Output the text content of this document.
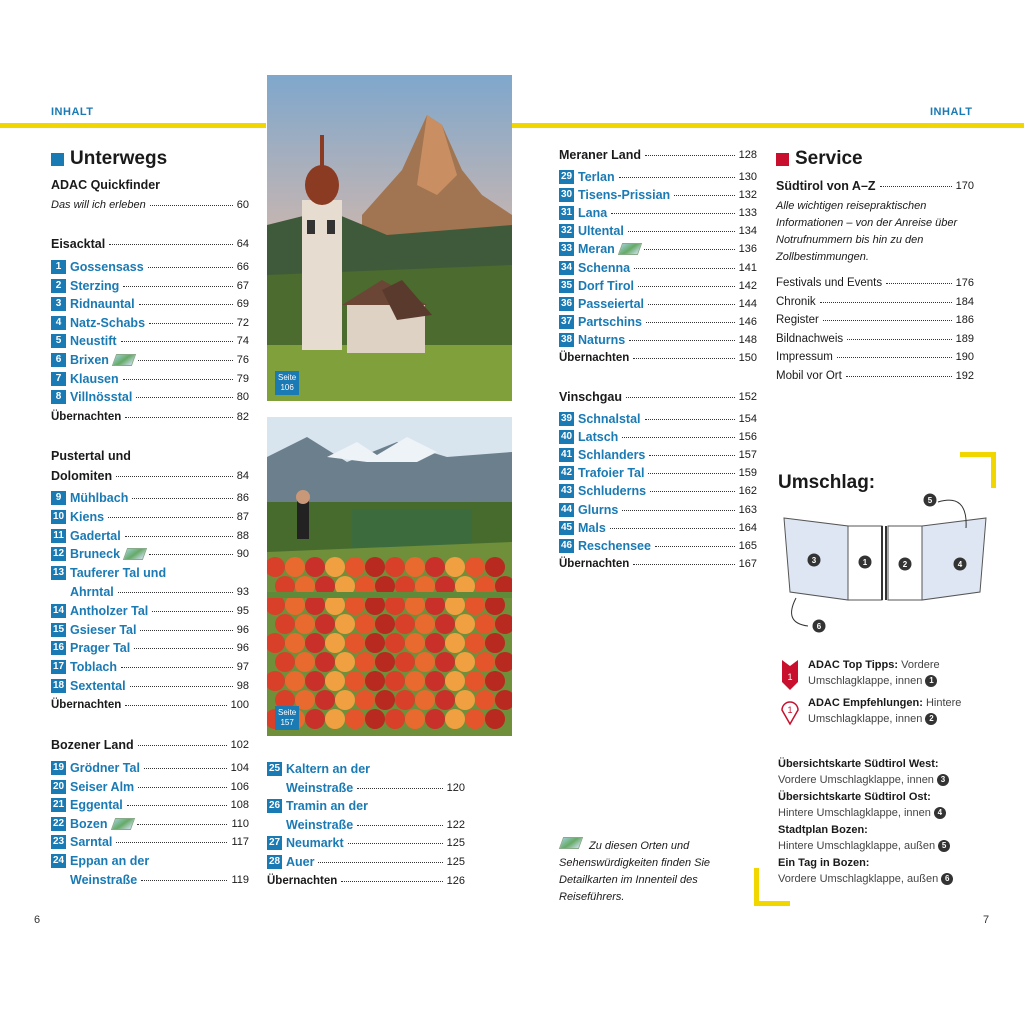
INHALT	INHALT
Unterwegs
ADAC Quickfinder
Das will ich erleben	60
Eisacktal	64
1 Gossensass	66
2 Sterzing	67
3 Ridnauntal	69
4 Natz-Schabs	72
5 Neustift	74
6 Brixen	76
7 Klausen	79
8 Villnösstal	80
Übernachten	82
Pustertal und
Dolomiten	84
9 Mühlbach	86
10 Kiens	87
11 Gadertal	88
12 Bruneck	90
13 Tauferer Tal und
Ahrntal	93
14 Antholzer Tal	95
15 Gsieser Tal	96
16 Prager Tal	96
17 Toblach	97
18 Sextental	98
Übernachten	100
Bozener Land	102
19 Grödner Tal	104
20 Seiser Alm	106
21 Eggental	108
22 Bozen	110
23 Sarntal	117
24 Eppan an der
Weinstraße	119
Seite
106
Seite
157
25 Kaltern an der
Weinstraße	120
26 Tramin an der
Weinstraße	122
27 Neumarkt	125
28 Auer	125
Übernachten	126
Meraner Land	128
29 Terlan	130
30 Tisens-Prissian	132
31 Lana	133
32 Ultental	134
33 Meran	136
34 Schenna	141
35 Dorf Tirol	142
36 Passeiertal	144
37 Partschins	146
38 Naturns	148
Übernachten	150
Vinschgau	152
39 Schnalstal	154
40 Latsch	156
41 Schlanders	157
42 Trafoier Tal	159
43 Schluderns	162
44 Glurns	163
45 Mals	164
46 Reschensee	165
Übernachten	167
Zu diesen Orten und Sehenswürdigkeiten finden Sie Detailkarten im Innenteil des Reiseführers.
Service
Südtirol von A–Z	170
Alle wichtigen reisepraktischen Informationen – von der Anreise über Notrufnummern bis hin zu den Zollbestimmungen.
Festivals und Events	176
Chronik	184
Register	186
Bildnachweis	189
Impressum	190
Mobil vor Ort	192
Umschlag:
3	1	2	4
5
6
1
ADAC Top Tipps: Vordere Umschlagklappe, innen 1
1
ADAC Empfehlungen: Hintere Umschlagklappe, innen 2
Übersichtskarte Südtirol West:
Vordere Umschlagklappe, innen 3
Übersichtskarte Südtirol Ost:
Hintere Umschlagklappe, innen 4
Stadtplan Bozen:
Hintere Umschlagklappe, außen 5
Ein Tag in Bozen:
Vordere Umschlagklappe, außen 6
6	7
